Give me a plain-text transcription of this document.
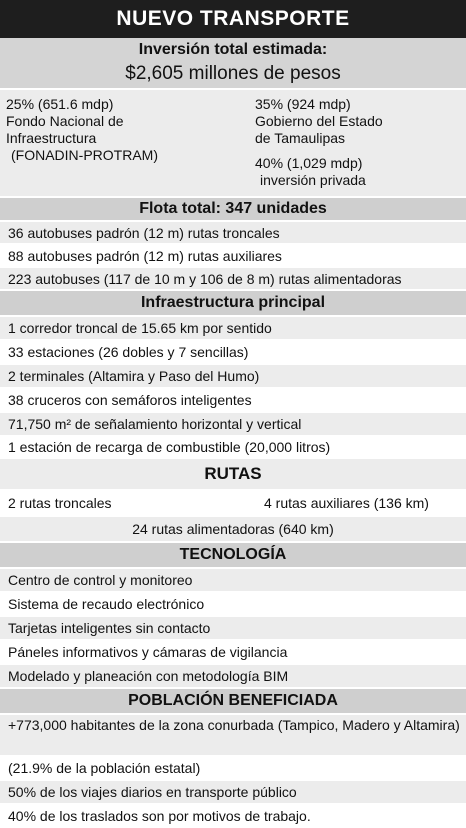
NUEVO TRANSPORTE
Inversión total estimada:
$2,605 millones de pesos
25% (651.6 mdp)
Fondo Nacional de
Infraestructura
(FONADIN-PROTRAM)
35% (924 mdp)
Gobierno del Estado
de Tamaulipas
40% (1,029 mdp)
inversión privada
Flota total: 347 unidades
36 autobuses padrón (12 m) rutas troncales
88 autobuses padrón (12 m) rutas auxiliares
223 autobuses (117 de 10 m y 106 de 8 m) rutas alimentadoras
Infraestructura principal
1 corredor troncal de 15.65 km por sentido
33 estaciones (26 dobles y 7 sencillas)
2 terminales (Altamira y Paso del Humo)
38 cruceros con semáforos inteligentes
71,750 m² de señalamiento horizontal y vertical
1 estación de recarga de combustible (20,000 litros)
RUTAS
2 rutas troncales	4 rutas auxiliares (136 km)
24 rutas alimentadoras (640 km)
TECNOLOGÍA
Centro de control y monitoreo
Sistema de recaudo electrónico
Tarjetas inteligentes sin contacto
Páneles informativos y cámaras de vigilancia
Modelado y planeación con metodología BIM
POBLACIÓN BENEFICIADA
+773,000 habitantes de la zona conurbada (Tampico, Madero y Altamira)
(21.9% de la población estatal)
50% de los viajes diarios en transporte público
40% de los traslados son por motivos de trabajo.
